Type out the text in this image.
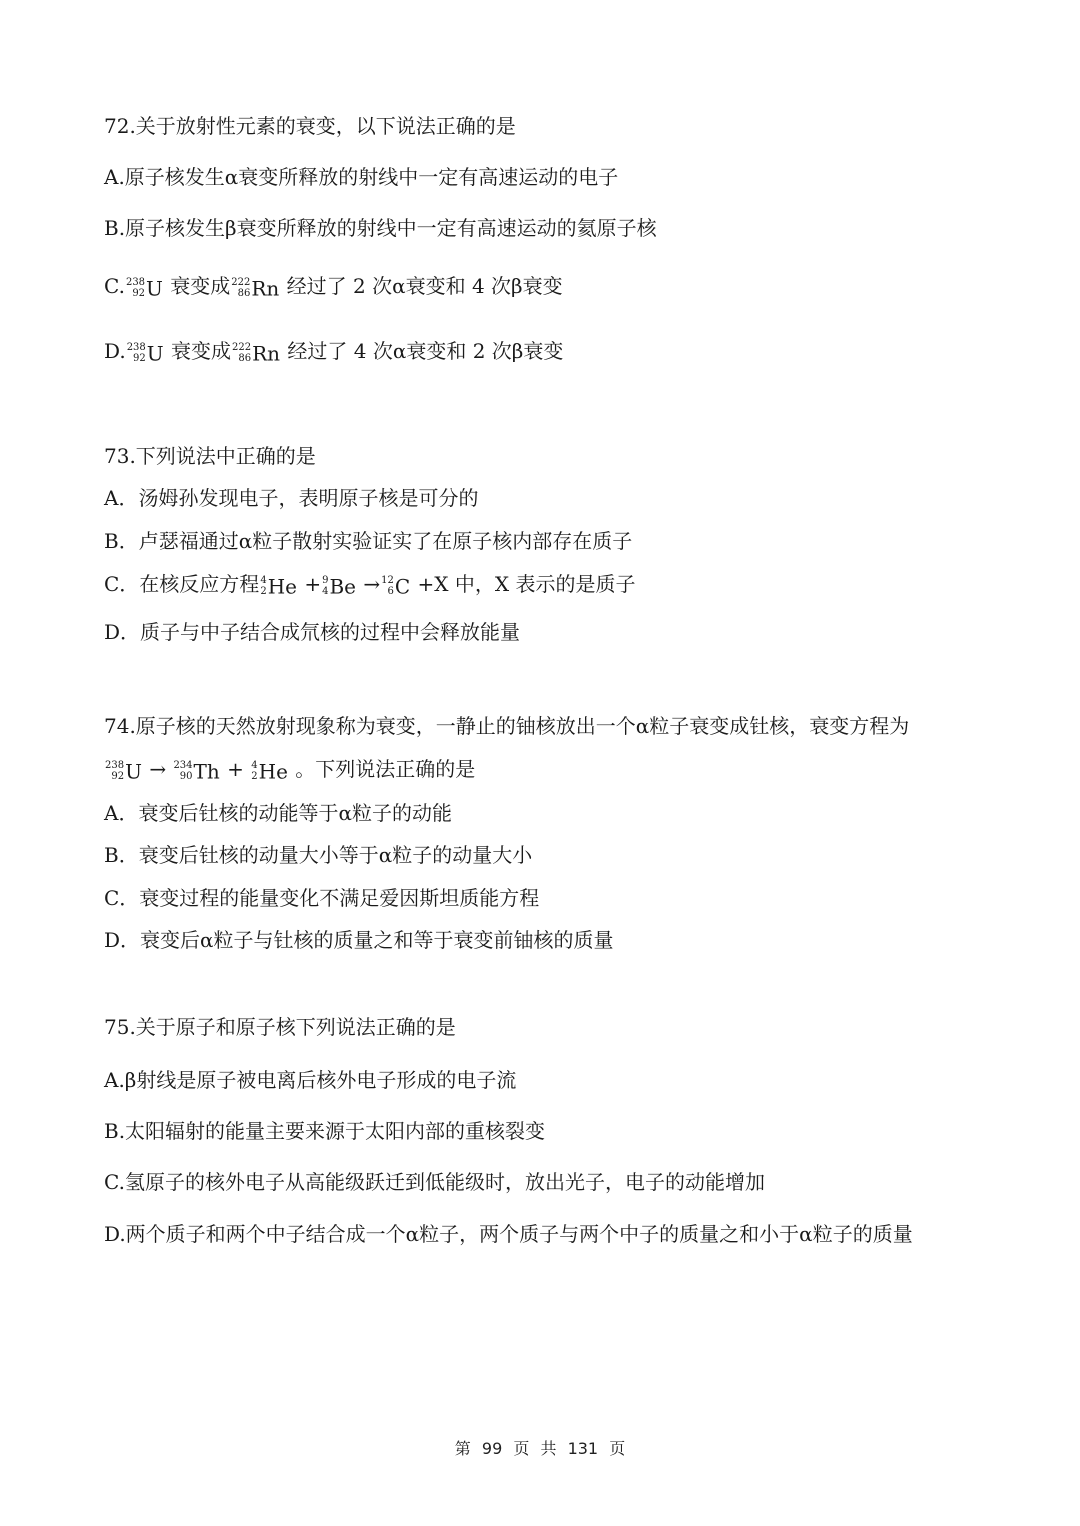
72.关于放射性元素的衰变，以下说法正确的是
A.原子核发生α衰变所释放的射线中一定有高速运动的电子
B.原子核发生β衰变所释放的射线中一定有高速运动的氦原子核
C. 238
92 U 衰变成 222
86 Rn 经过了 2 次α衰变和 4 次β衰变
D. 238
92 U 衰变成 222
86 Rn 经过了 4 次α衰变和 2 次β衰变
73.下列说法中正确的是
A．汤姆孙发现电子，表明原子核是可分的
B．卢瑟福通过α粒子散射实验证实了在原子核内部存在质子
C．在核反应方程 4
2 He + 9
4 Be → 12
6 C +X 中，X 表示的是质子
D．质子与中子结合成氘核的过程中会释放能量
74.原子核的天然放射现象称为衰变，一静止的铀核放出一个α粒子衰变成钍核，衰变方程为
238
92 U → 234
90 Th + 4
2 He 。下列说法正确的是
A．衰变后钍核的动能等于α粒子的动能
B．衰变后钍核的动量大小等于α粒子的动量大小
C．衰变过程的能量变化不满足爱因斯坦质能方程
D．衰变后α粒子与钍核的质量之和等于衰变前铀核的质量
75.关于原子和原子核下列说法正确的是
A.β射线是原子被电离后核外电子形成的电子流
B.太阳辐射的能量主要来源于太阳内部的重核裂变
C.氢原子的核外电子从高能级跃迁到低能级时，放出光子，电子的动能增加
D.两个质子和两个中子结合成一个α粒子，两个质子与两个中子的质量之和小于α粒子的质量
第 99 页 共 131 页
